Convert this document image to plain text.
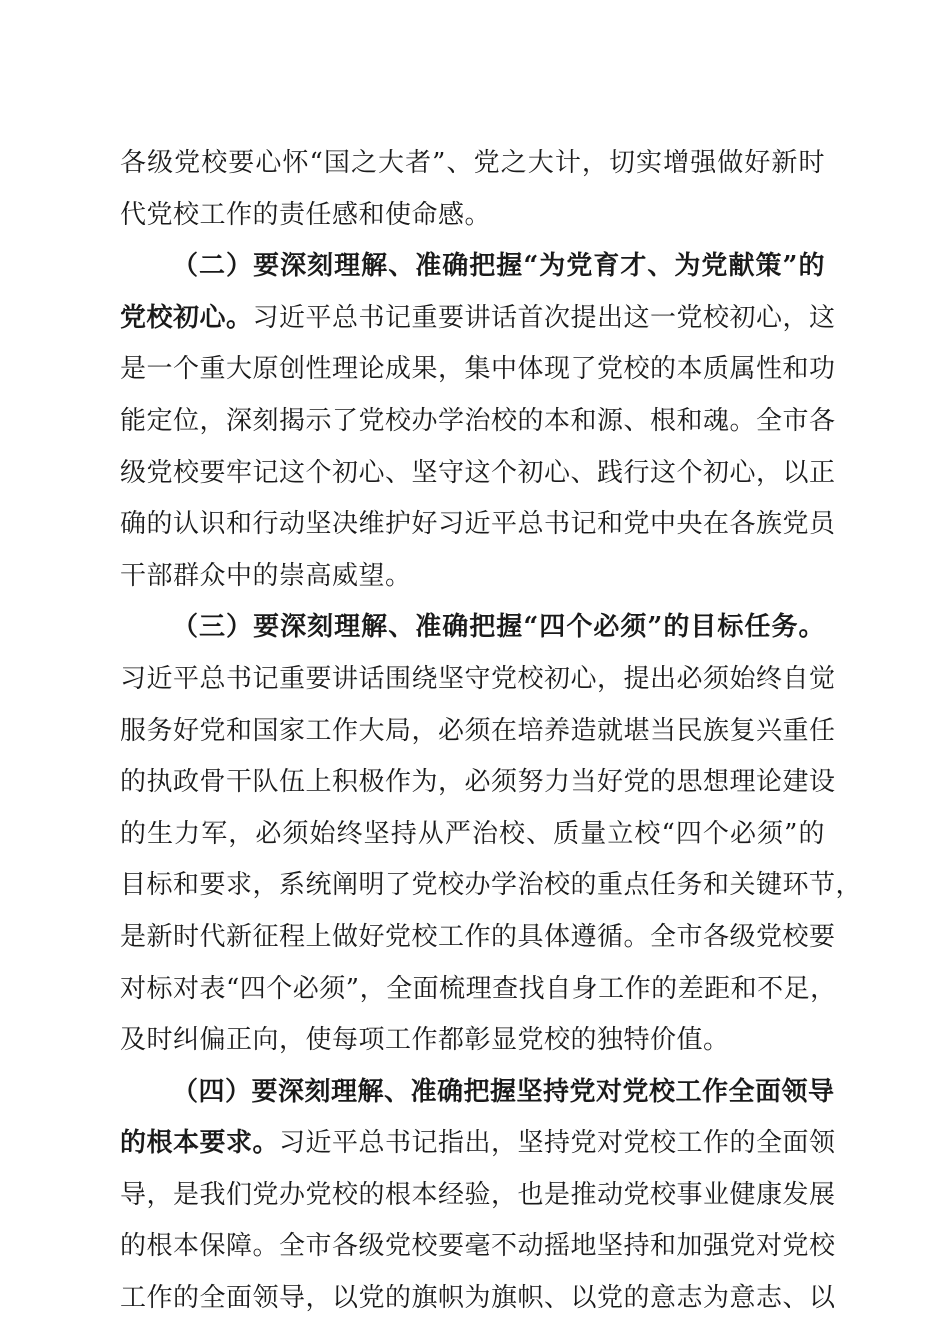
各级党校要心怀“国之大者”、党之大计，切实增强做好新时
代党校工作的责任感和使命感。
（二）要深刻理解、准确把握“为党育才、为党献策”的
党校初心。习近平总书记重要讲话首次提出这一党校初心，这
是一个重大原创性理论成果，集中体现了党校的本质属性和功
能定位，深刻揭示了党校办学治校的本和源、根和魂。全市各
级党校要牢记这个初心、坚守这个初心、践行这个初心，以正
确的认识和行动坚决维护好习近平总书记和党中央在各族党员
干部群众中的崇高威望。
（三）要深刻理解、准确把握“四个必须”的目标任务。
习近平总书记重要讲话围绕坚守党校初心，提出必须始终自觉
服务好党和国家工作大局，必须在培养造就堪当民族复兴重任
的执政骨干队伍上积极作为，必须努力当好党的思想理论建设
的生力军，必须始终坚持从严治校、质量立校“四个必须”的
目标和要求，系统阐明了党校办学治校的重点任务和关键环节，
是新时代新征程上做好党校工作的具体遵循。全市各级党校要
对标对表“四个必须”，全面梳理查找自身工作的差距和不足，
及时纠偏正向，使每项工作都彰显党校的独特价值。
（四）要深刻理解、准确把握坚持党对党校工作全面领导
的根本要求。习近平总书记指出，坚持党对党校工作的全面领
导，是我们党办党校的根本经验，也是推动党校事业健康发展
的根本保障。全市各级党校要毫不动摇地坚持和加强党对党校
工作的全面领导，以党的旗帜为旗帜、以党的意志为意志、以
